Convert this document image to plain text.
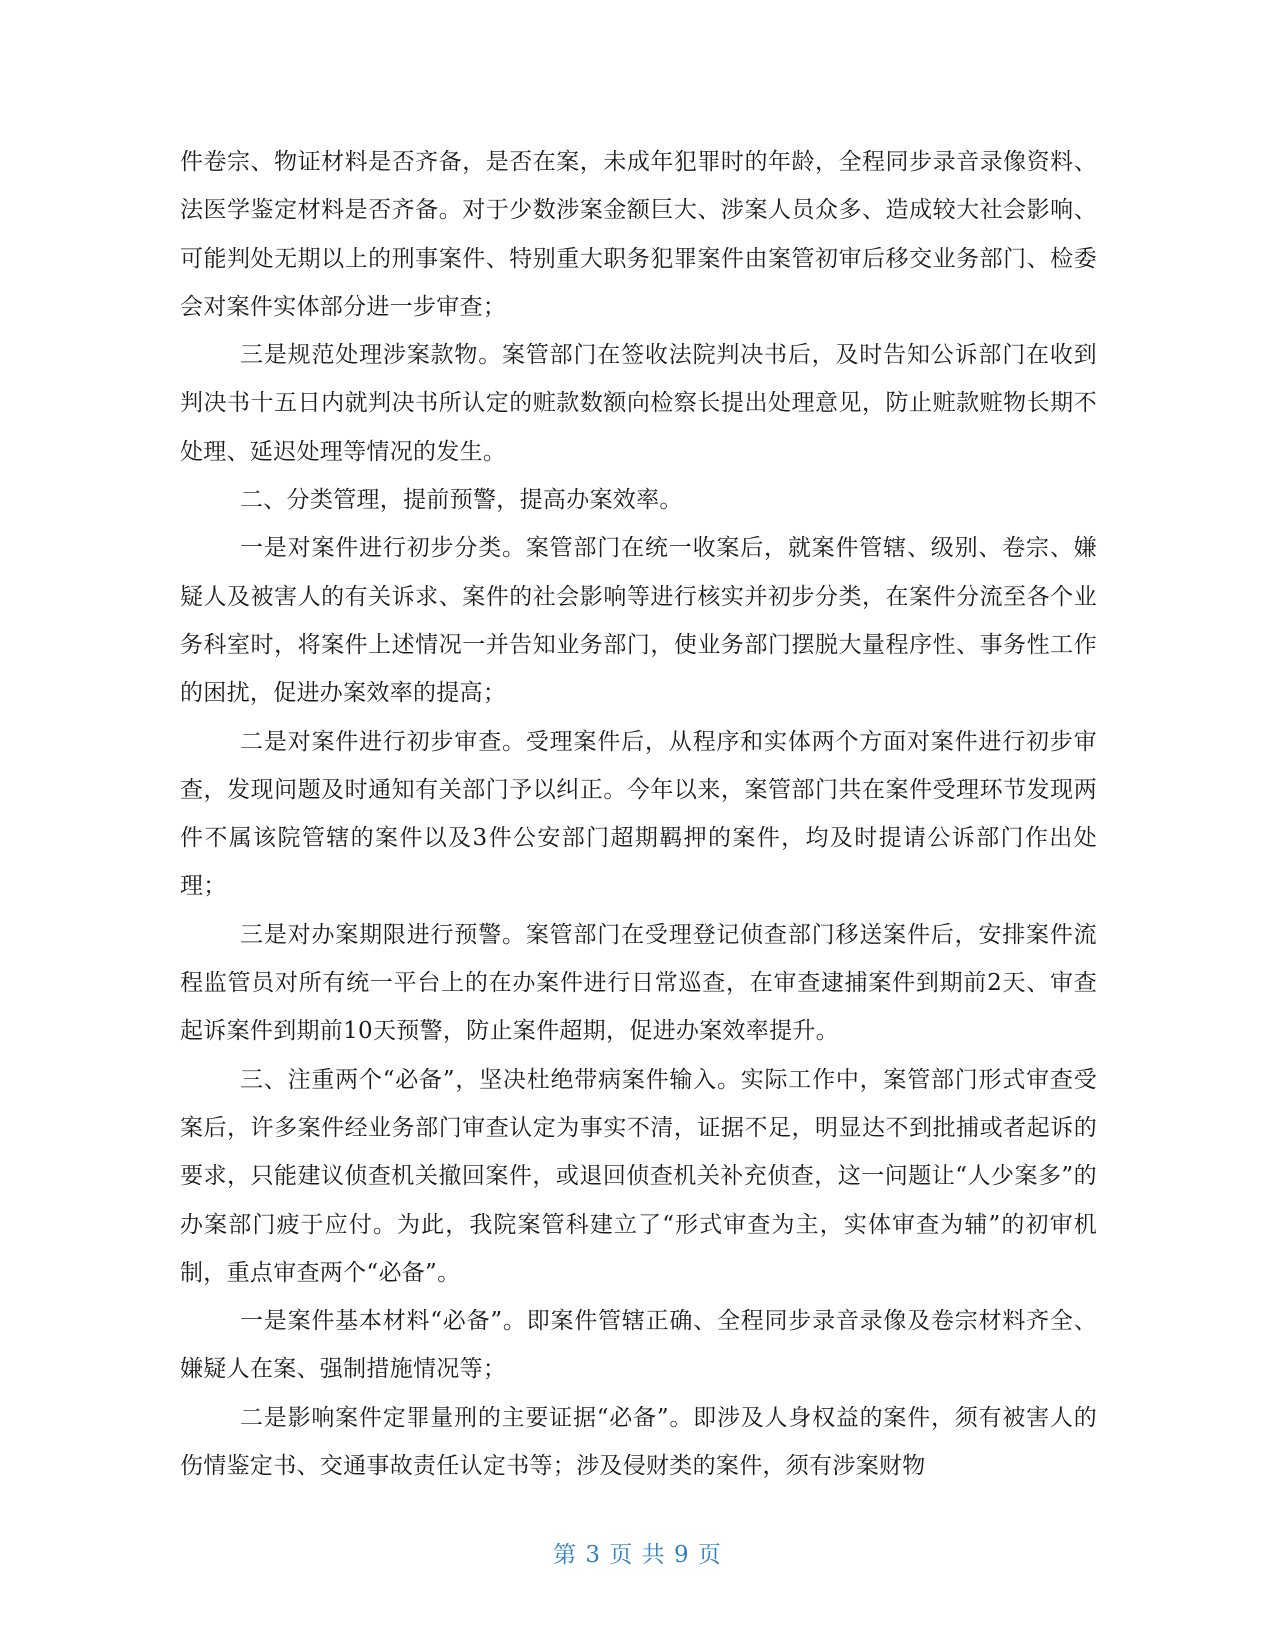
件卷宗、物证材料是否齐备，是否在案，未成年犯罪时的年龄，全程同步录音录像资料、法医学鉴定材料是否齐备。对于少数涉案金额巨大、涉案人员众多、造成较大社会影响、可能判处无期以上的刑事案件、特别重大职务犯罪案件由案管初审后移交业务部门、检委会对案件实体部分进一步审查；

三是规范处理涉案款物。案管部门在签收法院判决书后，及时告知公诉部门在收到判决书十五日内就判决书所认定的赃款数额向检察长提出处理意见，防止赃款赃物长期不处理、延迟处理等情况的发生。

二、分类管理，提前预警，提高办案效率。

一是对案件进行初步分类。案管部门在统一收案后，就案件管辖、级别、卷宗、嫌疑人及被害人的有关诉求、案件的社会影响等进行核实并初步分类，在案件分流至各个业务科室时，将案件上述情况一并告知业务部门，使业务部门摆脱大量程序性、事务性工作的困扰，促进办案效率的提高；

二是对案件进行初步审查。受理案件后，从程序和实体两个方面对案件进行初步审查，发现问题及时通知有关部门予以纠正。今年以来，案管部门共在案件受理环节发现两件不属该院管辖的案件以及3件公安部门超期羁押的案件，均及时提请公诉部门作出处理；

三是对办案期限进行预警。案管部门在受理登记侦查部门移送案件后，安排案件流程监管员对所有统一平台上的在办案件进行日常巡查，在审查逮捕案件到期前2天、审查起诉案件到期前10天预警，防止案件超期，促进办案效率提升。

三、注重两个“必备”，坚决杜绝带病案件输入。实际工作中，案管部门形式审查受案后，许多案件经业务部门审查认定为事实不清，证据不足，明显达不到批捕或者起诉的要求，只能建议侦查机关撤回案件，或退回侦查机关补充侦查，这一问题让“人少案多”的办案部门疲于应付。为此，我院案管科建立了“形式审查为主，实体审查为辅”的初审机制，重点审查两个“必备”。

一是案件基本材料“必备”。即案件管辖正确、全程同步录音录像及卷宗材料齐全、嫌疑人在案、强制措施情况等；

二是影响案件定罪量刑的主要证据“必备”。即涉及人身权益的案件，须有被害人的伤情鉴定书、交通事故责任认定书等；涉及侵财类的案件，须有涉案财物

第 3 页 共 9 页
